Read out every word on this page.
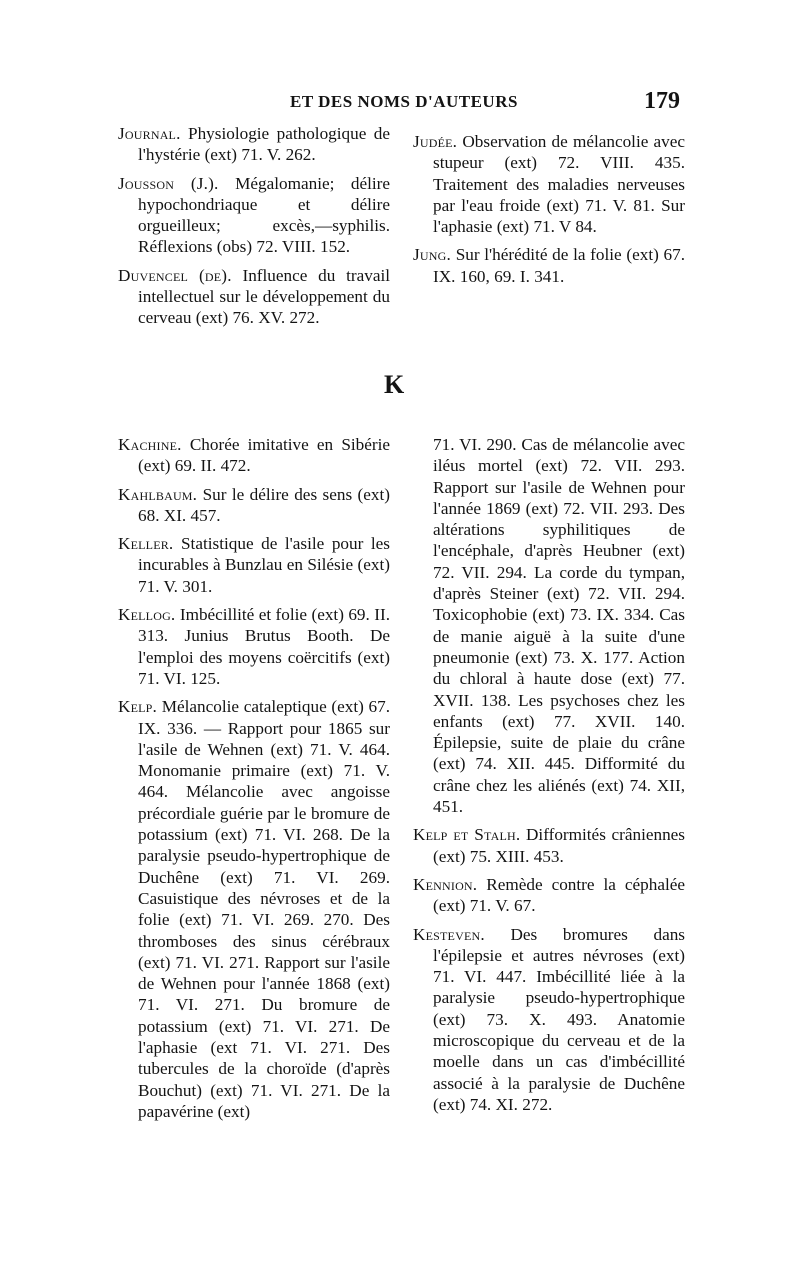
ET DES NOMS D'AUTEURS	179

Journal. Physiologie pathologique de l'hystérie (ext) 71. V. 262.

Jousson (J.). Mégalomanie; délire hypochondriaque et délire orgueilleux; excès,—syphilis. Réflexions (obs) 72. VIII. 152.

Duvencel (de). Influence du travail intellectuel sur le développement du cerveau (ext) 76. XV. 272.

Judée. Observation de mélancolie avec stupeur (ext) 72. VIII. 435. Traitement des maladies nerveuses par l'eau froide (ext) 71. V. 81. Sur l'aphasie (ext) 71. V 84.

Jung. Sur l'hérédité de la folie (ext) 67. IX. 160, 69. I. 341.

K

Kachine. Chorée imitative en Sibérie (ext) 69. II. 472.

Kahlbaum. Sur le délire des sens (ext) 68. XI. 457.

Keller. Statistique de l'asile pour les incurables à Bunzlau en Silésie (ext) 71. V. 301.

Kellog. Imbécillité et folie (ext) 69. II. 313. Junius Brutus Booth. De l'emploi des moyens coërcitifs (ext) 71. VI. 125.

Kelp. Mélancolie cataleptique (ext) 67. IX. 336. — Rapport pour 1865 sur l'asile de Wehnen (ext) 71. V. 464. Monomanie primaire (ext) 71. V. 464. Mélancolie avec angoisse précordiale guérie par le bromure de potassium (ext) 71. VI. 268. De la paralysie pseudo-hypertrophique de Duchêne (ext) 71. VI. 269. Casuistique des névroses et de la folie (ext) 71. VI. 269. 270. Des thromboses des sinus cérébraux (ext) 71. VI. 271. Rapport sur l'asile de Wehnen pour l'année 1868 (ext) 71. VI. 271. Du bromure de potassium (ext) 71. VI. 271. De l'aphasie (ext 71. VI. 271. Des tubercules de la choroïde (d'après Bouchut) (ext) 71. VI. 271. De la papavérine (ext)

71. VI. 290. Cas de mélancolie avec iléus mortel (ext) 72. VII. 293. Rapport sur l'asile de Wehnen pour l'année 1869 (ext) 72. VII. 293. Des altérations syphilitiques de l'encéphale, d'après Heubner (ext) 72. VII. 294. La corde du tympan, d'après Steiner (ext) 72. VII. 294. Toxicophobie (ext) 73. IX. 334. Cas de manie aiguë à la suite d'une pneumonie (ext) 73. X. 177. Action du chloral à haute dose (ext) 77. XVII. 138. Les psychoses chez les enfants (ext) 77. XVII. 140. Épilepsie, suite de plaie du crâne (ext) 74. XII. 445. Difformité du crâne chez les aliénés (ext) 74. XII, 451.

Kelp et Stalh. Difformités crâniennes (ext) 75. XIII. 453.

Kennion. Remède contre la céphalée (ext) 71. V. 67.

Kesteven. Des bromures dans l'épilepsie et autres névroses (ext) 71. VI. 447. Imbécillité liée à la paralysie pseudo-hypertrophique (ext) 73. X. 493. Anatomie microscopique du cerveau et de la moelle dans un cas d'imbécillité associé à la paralysie de Duchêne (ext) 74. XI. 272.
